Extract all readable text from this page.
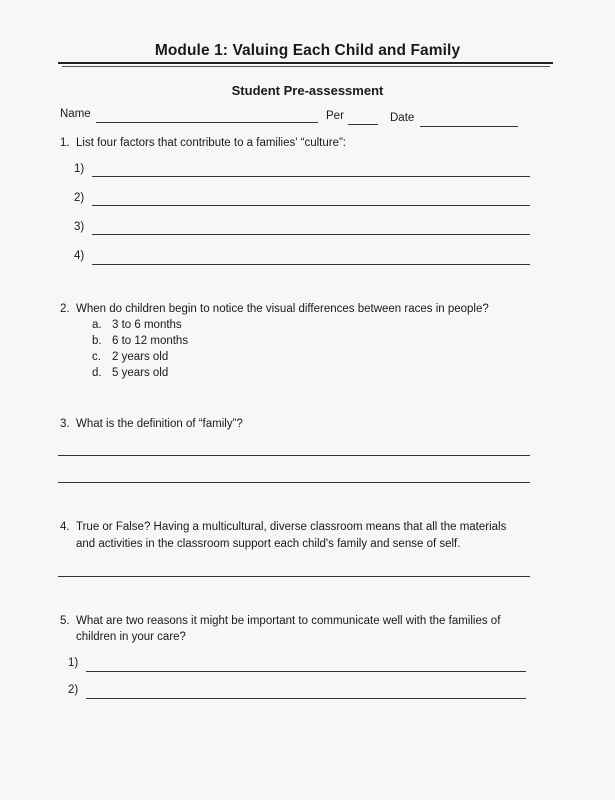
Module 1: Valuing Each Child and Family
Student Pre-assessment
Name	Per	Date
1. List four factors that contribute to a families' “culture”:
1)
2)
3)
4)
2. When do children begin to notice the visual differences between races in people?
a. 3 to 6 months
b. 6 to 12 months
c. 2 years old
d. 5 years old
3. What is the definition of “family”?
4. True or False? Having a multicultural, diverse classroom means that all the materials
and activities in the classroom support each child's family and sense of self.
5. What are two reasons it might be important to communicate well with the families of
children in your care?
1)
2)
